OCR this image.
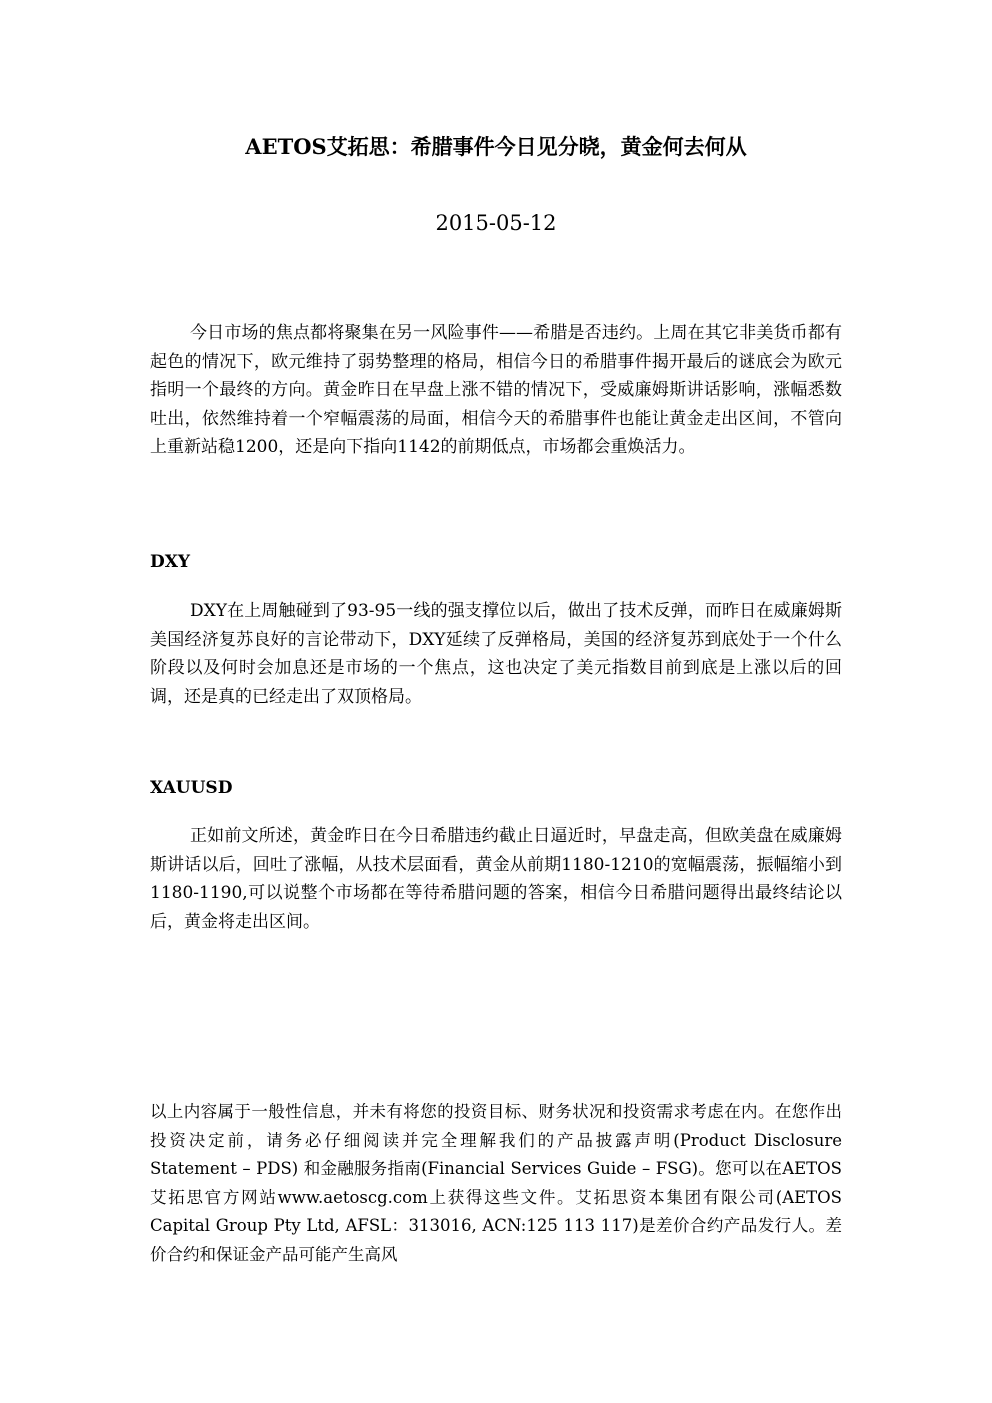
AETOS艾拓思：希腊事件今日见分晓，黄金何去何从
2015-05-12

今日市场的焦点都将聚集在另一风险事件——希腊是否违约。上周在其它非美货币都有起色的情况下，欧元维持了弱势整理的格局，相信今日的希腊事件揭开最后的谜底会为欧元指明一个最终的方向。黄金昨日在早盘上涨不错的情况下，受威廉姆斯讲话影响，涨幅悉数吐出，依然维持着一个窄幅震荡的局面，相信今天的希腊事件也能让黄金走出区间，不管向上重新站稳1200，还是向下指向1142的前期低点，市场都会重焕活力。

DXY

DXY在上周触碰到了93-95一线的强支撑位以后，做出了技术反弹，而昨日在威廉姆斯美国经济复苏良好的言论带动下，DXY延续了反弹格局，美国的经济复苏到底处于一个什么阶段以及何时会加息还是市场的一个焦点，这也决定了美元指数目前到底是上涨以后的回调，还是真的已经走出了双顶格局。

XAUUSD

正如前文所述，黄金昨日在今日希腊违约截止日逼近时，早盘走高，但欧美盘在威廉姆斯讲话以后，回吐了涨幅，从技术层面看，黄金从前期1180-1210的宽幅震荡，振幅缩小到1180-1190,可以说整个市场都在等待希腊问题的答案，相信今日希腊问题得出最终结论以后，黄金将走出区间。

以上内容属于一般性信息，并未有将您的投资目标、财务状况和投资需求考虑在内。在您作出投资决定前，请务必仔细阅读并完全理解我们的产品披露声明(Product Disclosure Statement – PDS) 和金融服务指南(Financial Services Guide – FSG)。您可以在AETOS艾拓思官方网站www.aetoscg.com上获得这些文件。艾拓思资本集团有限公司(AETOS Capital Group Pty Ltd, AFSL：313016, ACN:125 113 117)是差价合约产品发行人。差价合约和保证金产品可能产生高风
